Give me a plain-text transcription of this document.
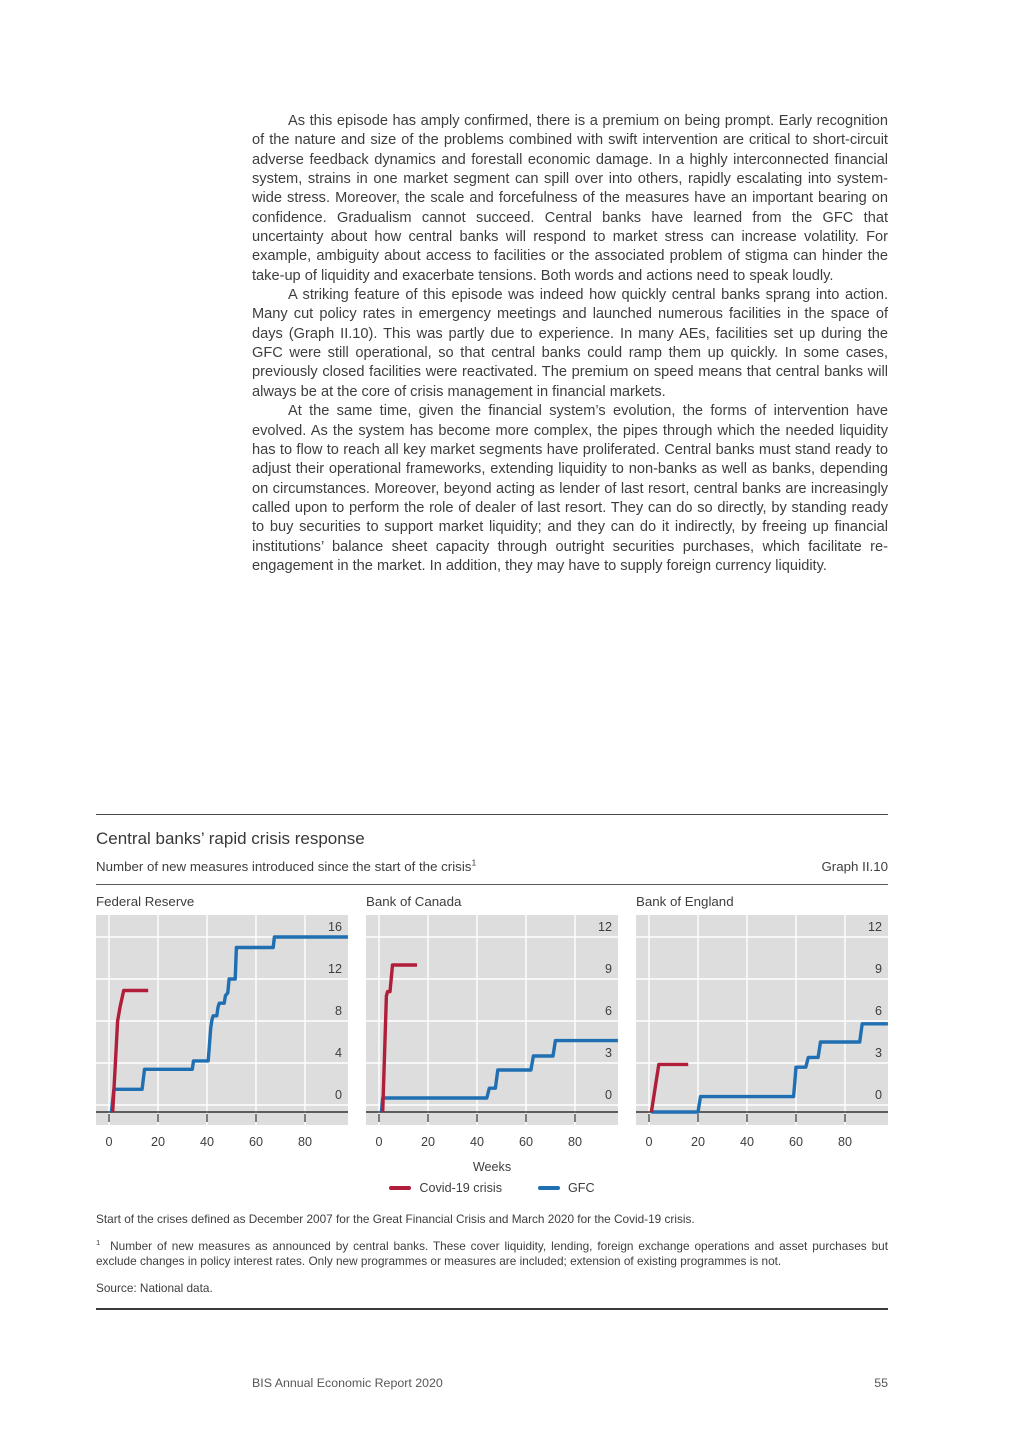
As this episode has amply confirmed, there is a premium on being prompt. Early recognition of the nature and size of the problems combined with swift intervention are critical to short-circuit adverse feedback dynamics and forestall economic damage. In a highly interconnected financial system, strains in one market segment can spill over into others, rapidly escalating into system-wide stress. Moreover, the scale and forcefulness of the measures have an important bearing on confidence. Gradualism cannot succeed. Central banks have learned from the GFC that uncertainty about how central banks will respond to market stress can increase volatility. For example, ambiguity about access to facilities or the associated problem of stigma can hinder the take-up of liquidity and exacerbate tensions. Both words and actions need to speak loudly.

A striking feature of this episode was indeed how quickly central banks sprang into action. Many cut policy rates in emergency meetings and launched numerous facilities in the space of days (Graph II.10). This was partly due to experience. In many AEs, facilities set up during the GFC were still operational, so that central banks could ramp them up quickly. In some cases, previously closed facilities were reactivated. The premium on speed means that central banks will always be at the core of crisis management in financial markets.

At the same time, given the financial system’s evolution, the forms of intervention have evolved. As the system has become more complex, the pipes through which the needed liquidity has to flow to reach all key market segments have proliferated. Central banks must stand ready to adjust their operational frameworks, extending liquidity to non-banks as well as banks, depending on circumstances. Moreover, beyond acting as lender of last resort, central banks are increasingly called upon to perform the role of dealer of last resort. They can do so directly, by standing ready to buy securities to support market liquidity; and they can do it indirectly, by freeing up financial institutions’ balance sheet capacity through outright securities purchases, which facilitate re-engagement in the market. In addition, they may have to supply foreign currency liquidity.

Central banks’ rapid crisis response
Number of new measures introduced since the start of the crisis$^1$	Graph II.10
Federal Reserve
0
4
8
12
16
0	20	40	60	80
Bank of Canada
0
3
6
9
12
0	20	40	60	80
Bank of England
0
3
6
9
12
0	20	40	60	80
Weeks
Covid-19 crisis	GFC
Start of the crises defined as December 2007 for the Great Financial Crisis and March 2020 for the Covid-19 crisis.
$^1$ Number of new measures as announced by central banks. These cover liquidity, lending, foreign exchange operations and asset purchases but exclude changes in policy interest rates. Only new programmes or measures are included; extension of existing programmes is not.
Source: National data.
BIS Annual Economic Report 2020	55
